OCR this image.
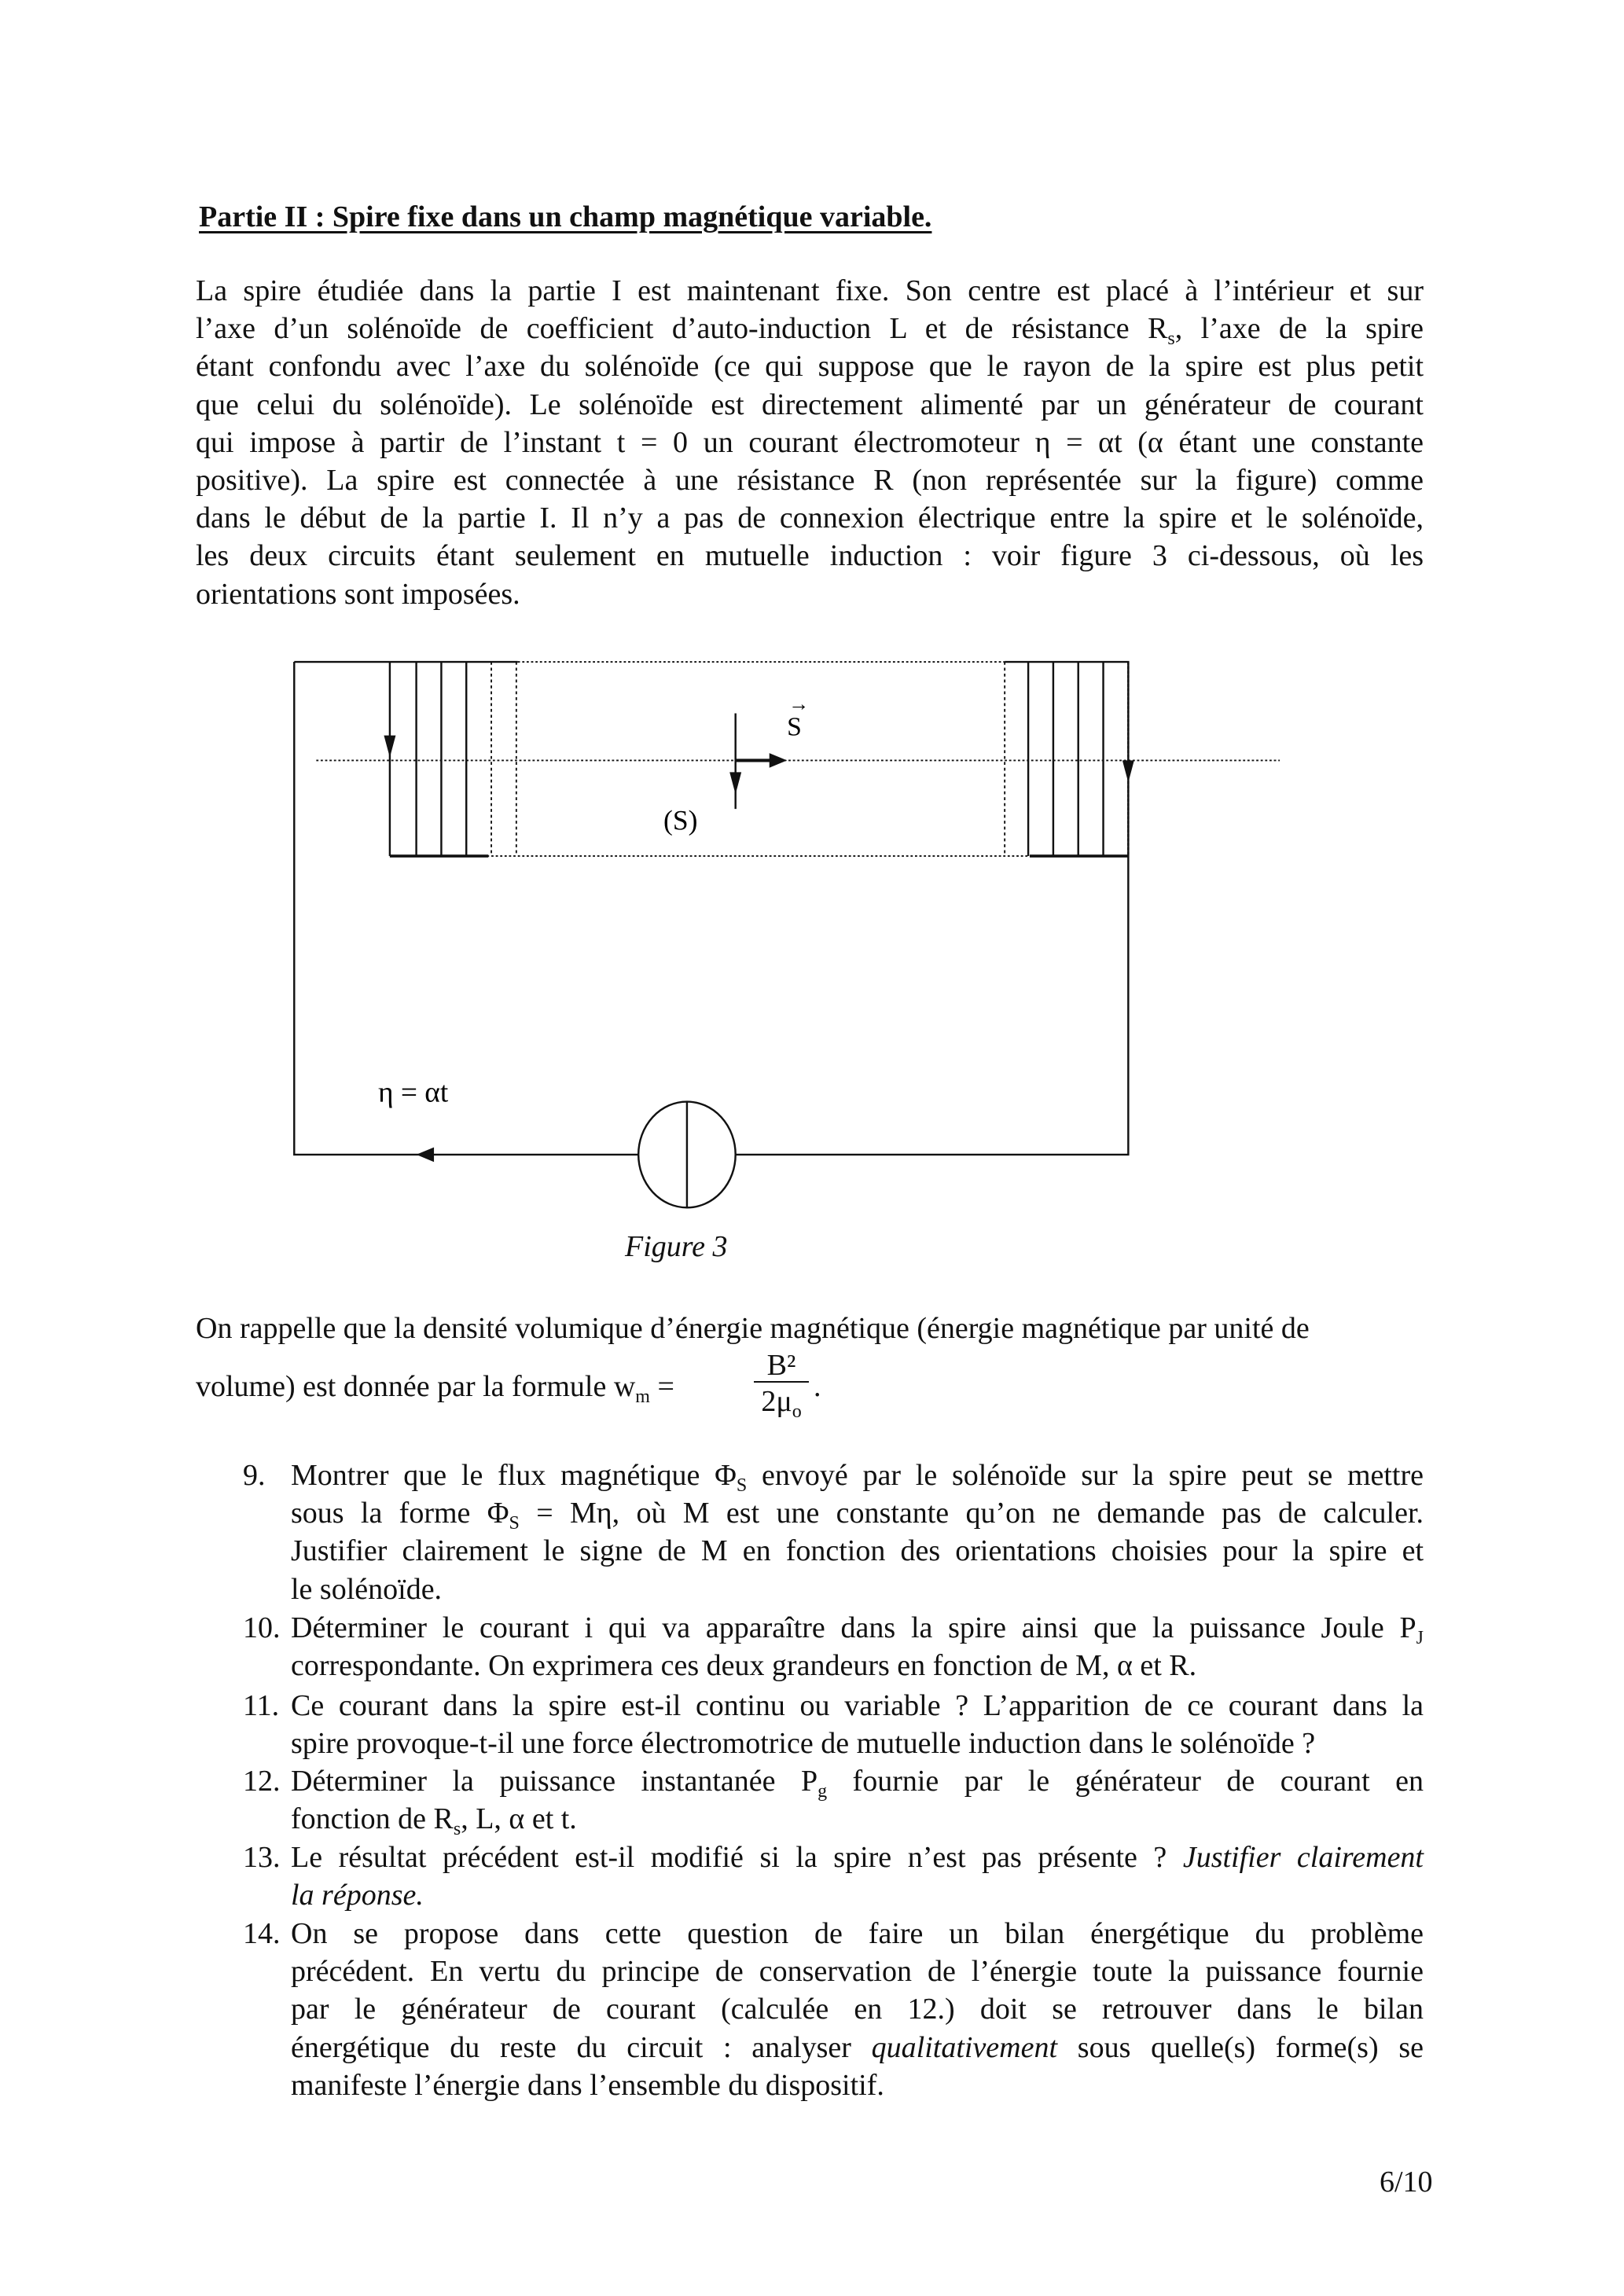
Partie II : Spire fixe dans un champ magnétique variable.
La spire étudiée dans la partie I est maintenant fixe. Son centre est placé à l’intérieur et sur
l’axe d’un solénoïde de coefficient d’auto-induction L et de résistance $R_s$, l’axe de la spire
étant confondu avec l’axe du solénoïde (ce qui suppose que le rayon de la spire est plus petit
que celui du solénoïde). Le solénoïde est directement alimenté par un générateur de courant
qui impose à partir de l’instant t = 0 un courant électromoteur η = αt (α étant une constante
positive). La spire est connectée à une résistance R (non représentée sur la figure) comme
dans le début de la partie I. Il n’y a pas de connexion électrique entre la spire et le solénoïde,
les deux circuits étant seulement en mutuelle induction : voir figure 3 ci-dessous, où les
orientations sont imposées.
→
S
(S)
η = αt
Figure 3
On rappelle que la densité volumique d’énergie magnétique (énergie magnétique par unité de
volume) est donnée par la formule $w_m$ =
B²
$2\mu_o$
.
9. Montrer que le flux magnétique $\Phi_S$ envoyé par le solénoïde sur la spire peut se mettre
sous la forme $\Phi_S = M\eta$, où M est une constante qu’on ne demande pas de calculer.
Justifier clairement le signe de M en fonction des orientations choisies pour la spire et
le solénoïde.
10. Déterminer le courant i qui va apparaître dans la spire ainsi que la puissance Joule $P_J$
correspondante. On exprimera ces deux grandeurs en fonction de M, α et R.
11. Ce courant dans la spire est-il continu ou variable ? L’apparition de ce courant dans la
spire provoque-t-il une force électromotrice de mutuelle induction dans le solénoïde ?
12. Déterminer la puissance instantanée $P_g$ fournie par le générateur de courant en
fonction de $R_s$, L, α et t.
13. Le résultat précédent est-il modifié si la spire n’est pas présente ? Justifier clairement
la réponse.
14. On se propose dans cette question de faire un bilan énergétique du problème
précédent. En vertu du principe de conservation de l’énergie toute la puissance fournie
par le générateur de courant (calculée en 12.) doit se retrouver dans le bilan
énergétique du reste du circuit : analyser qualitativement sous quelle(s) forme(s) se
manifeste l’énergie dans l’ensemble du dispositif.
6/10
